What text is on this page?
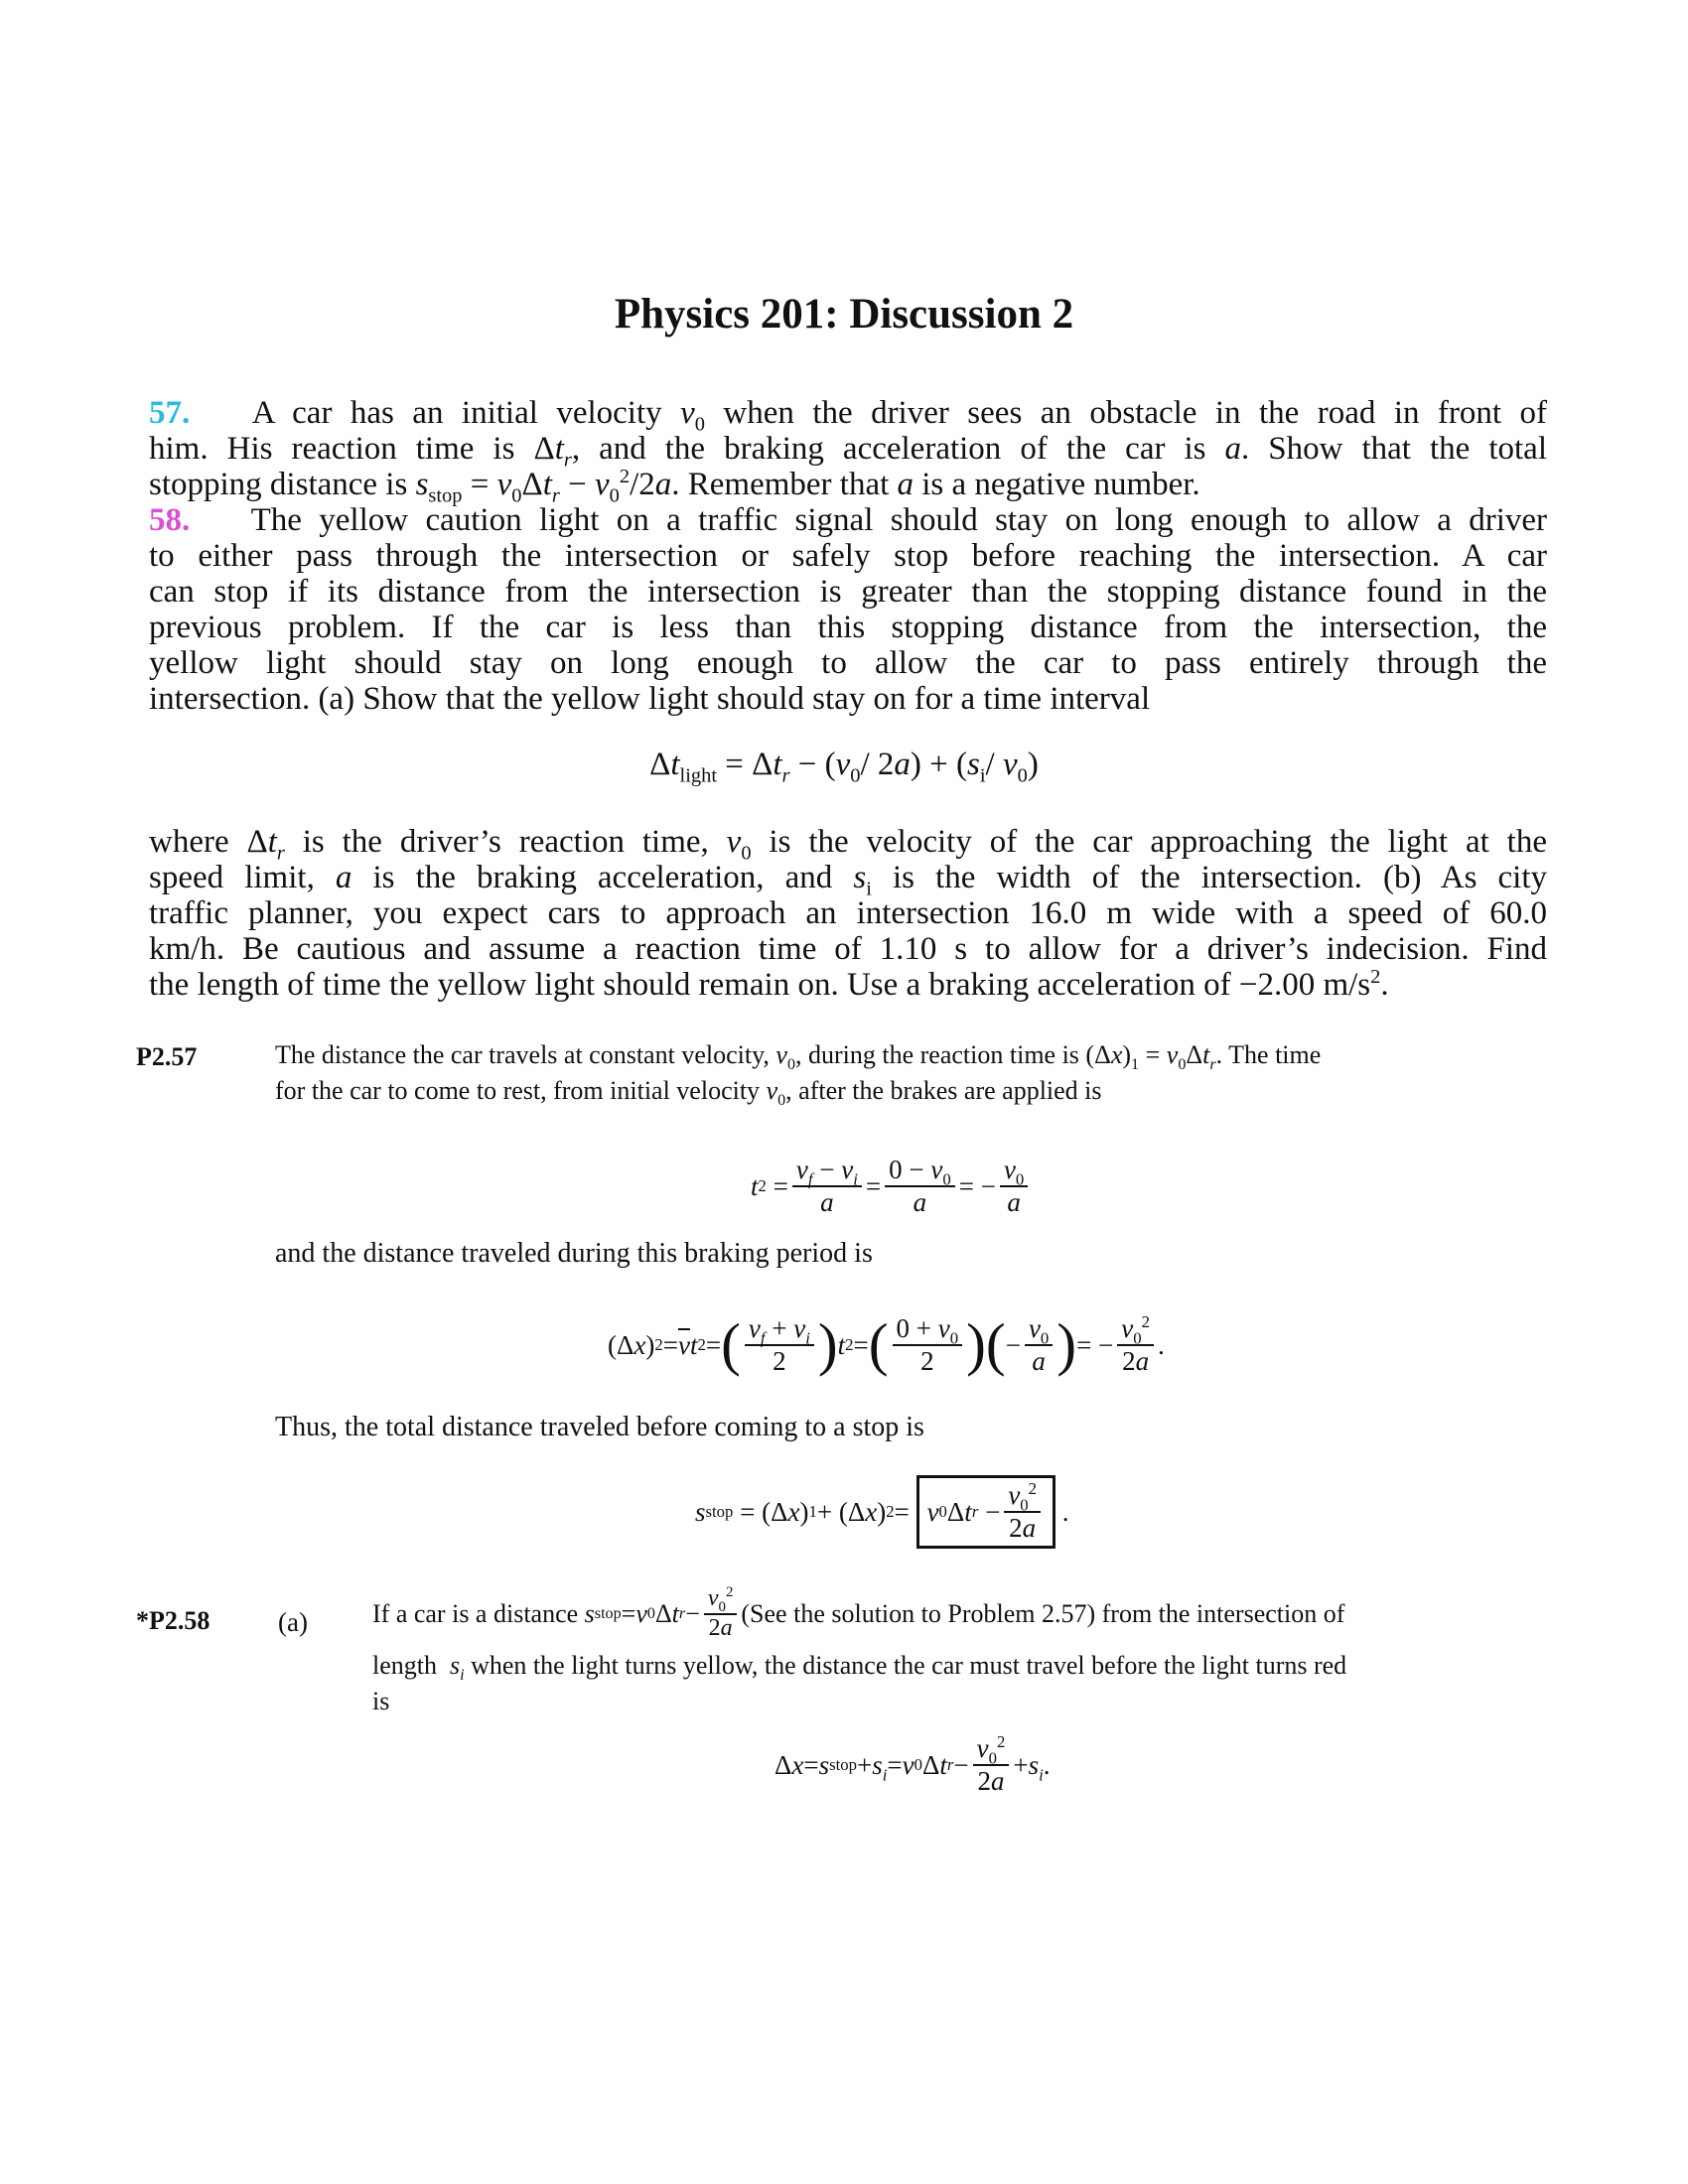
Physics 201: Discussion 2
57. A car has an initial velocity $v_0$ when the driver sees an obstacle in the road in front of
him. His reaction time is $\Delta t_r$, and the braking acceleration of the car is a. Show that the total
stopping distance is $s_{stop} = v_0\Delta t_r - v_0^2/2a$. Remember that a is a negative number.
58. The yellow caution light on a traffic signal should stay on long enough to allow a driver
to either pass through the intersection or safely stop before reaching the intersection. A car
can stop if its distance from the intersection is greater than the stopping distance found in the
previous problem. If the car is less than this stopping distance from the intersection, the
yellow light should stay on long enough to allow the car to pass entirely through the
intersection. (a) Show that the yellow light should stay on for a time interval
$\Delta t_{light} = \Delta t_r - (v_0/$ $2a) + (s_i/$ $v_0$)
where $\Delta t_r$ is the driver’s reaction time, $v_0$ is the velocity of the car approaching the light at the
speed limit, a is the braking acceleration, and $s_i$ is the width of the intersection. (b) As city
traffic planner, you expect cars to approach an intersection 16.0 m wide with a speed of 60.0
km/h. Be cautious and assume a reaction time of 1.10 s to allow for a driver’s indecision. Find
the length of time the yellow light should remain on. Use a braking acceleration of −2.00 $m/s^2$.
P2.57	The distance the car travels at constant velocity, $v_0$, during the reaction time is $(\Delta x)_1 = v_0\Delta t_r$. The time
for the car to come to rest, from initial velocity $v_0$, after the brakes are applied is
t $2 = \frac{v_f - v_i}{a} = \frac{0 - v_0}{a}$ = − $\frac{v_0}{a}$
and the distance traveled during this braking period is
(Δ x ) $2 = \overline{v}$ t 2 = ( $\frac{v_f + v_i}{2}$ ) t 2 = ( $\frac{0 + v_0}{2}$ )( − $\frac{v_0}{a}$ ) = − $\frac{v_0^2}{2a}$ .
Thus, the total distance traveled before coming to a stop is
s stop = (Δ x ) 1 + (Δ x ) 2 = v 0 Δ t $r - \frac{v_0^2}{2a}$ .
*P2.58	(a)	If a car is a distance s stop = v 0 Δ t $r - \frac{v_0^2}{2a} (See$ the solution to Problem 2.57) from the intersection of
length  $s_i$ when the light turns yellow, the distance the car must travel before the light turns red
is
Δ x = s stop + $s_i = v$ 0 Δ t $r - \frac{v_0^2}{2a} + s_i$ .
